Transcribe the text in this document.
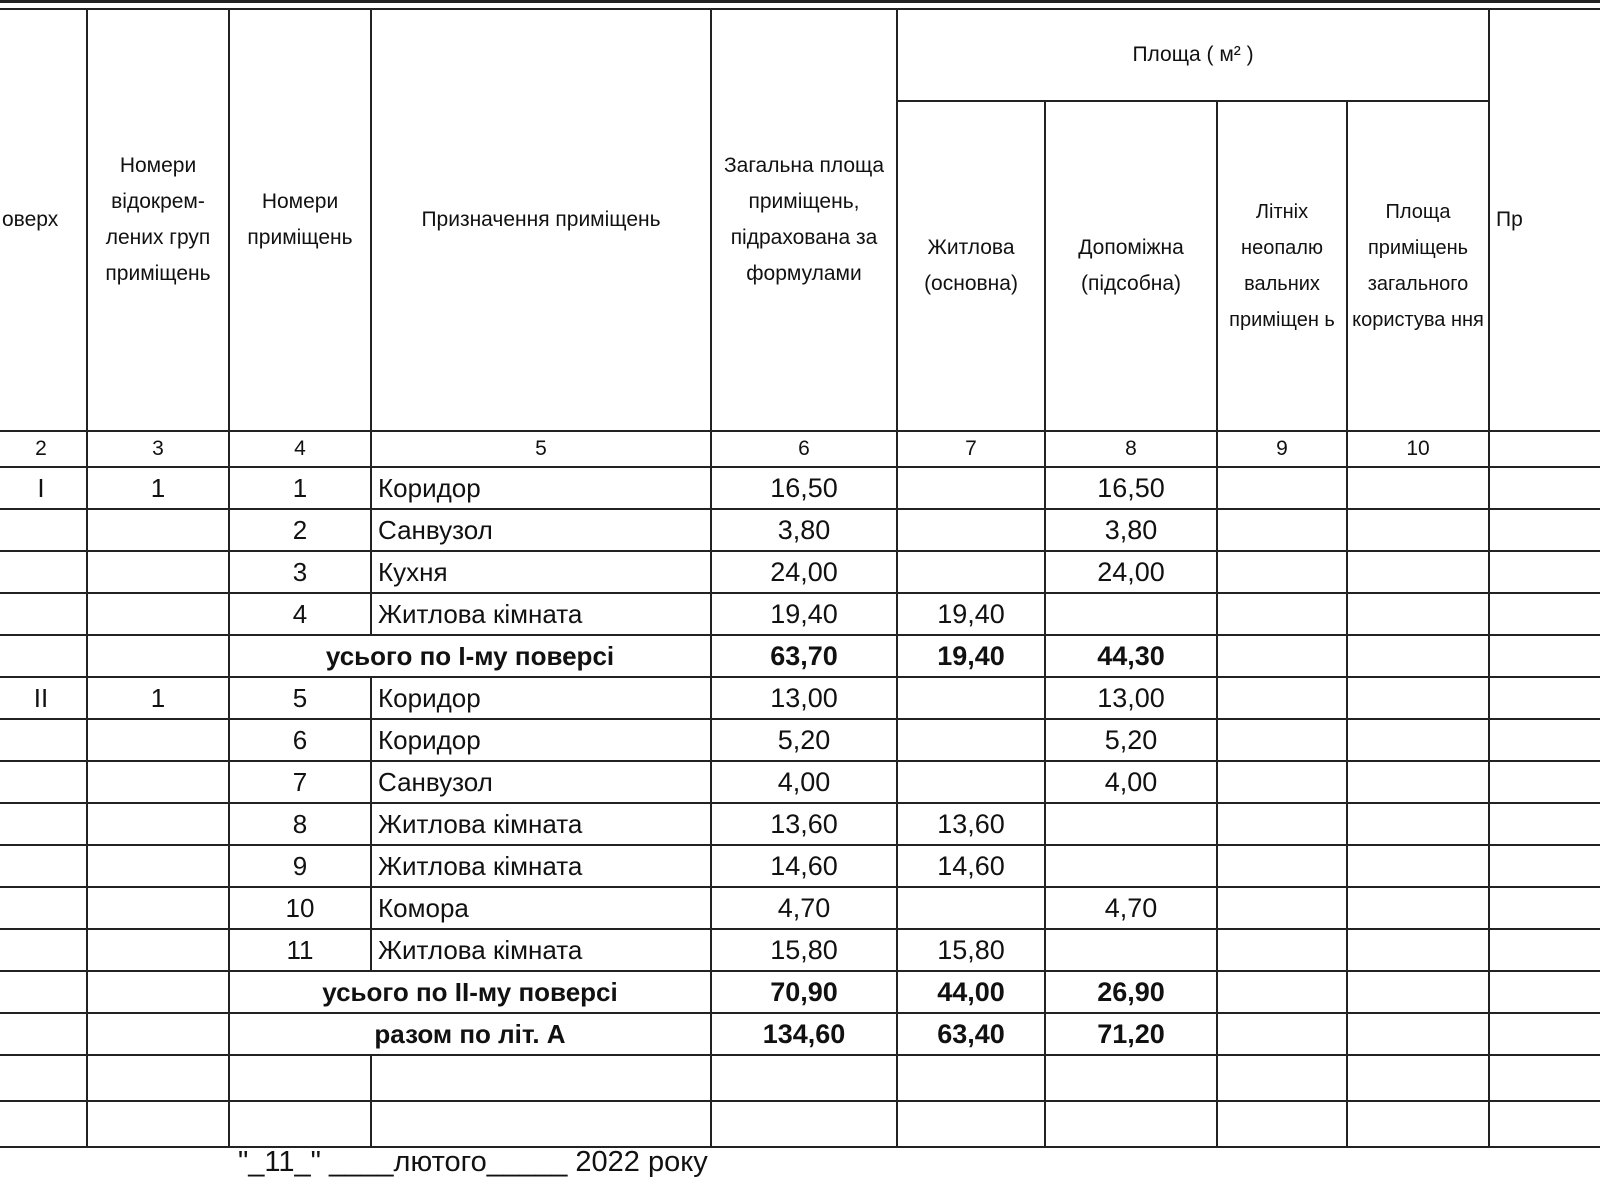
оверх	Номери відокрем-лених груп приміщень	Номери приміщень	Призначення приміщень	Загальна площа приміщень, підрахована за формулами	Площа ( м² )				Пр
					Житлова (основна)	Допоміжна (підсобна)	Літніх неопалю вальних приміщен ь	Площа приміщень загального користува ння	
2	3	4	5	6	7	8	9	10	
I	1	1	Коридор	16,50		16,50			
		2	Санвузол	3,80		3,80			
		3	Кухня	24,00		24,00			
		4	Житлова кімната	19,40	19,40				
		усього по І-му поверсі		63,70	19,40	44,30			
II	1	5	Коридор	13,00		13,00			
		6	Коридор	5,20		5,20			
		7	Санвузол	4,00		4,00			
		8	Житлова кімната	13,60	13,60				
		9	Житлова кімната	14,60	14,60				
		10	Комора	4,70		4,70			
		11	Житлова кімната	15,80	15,80				
		усього по ІІ-му поверсі		70,90	44,00	26,90			
		разом по літ. А		134,60	63,40	71,20			

"_11_" ____лютого_____ 2022 року
